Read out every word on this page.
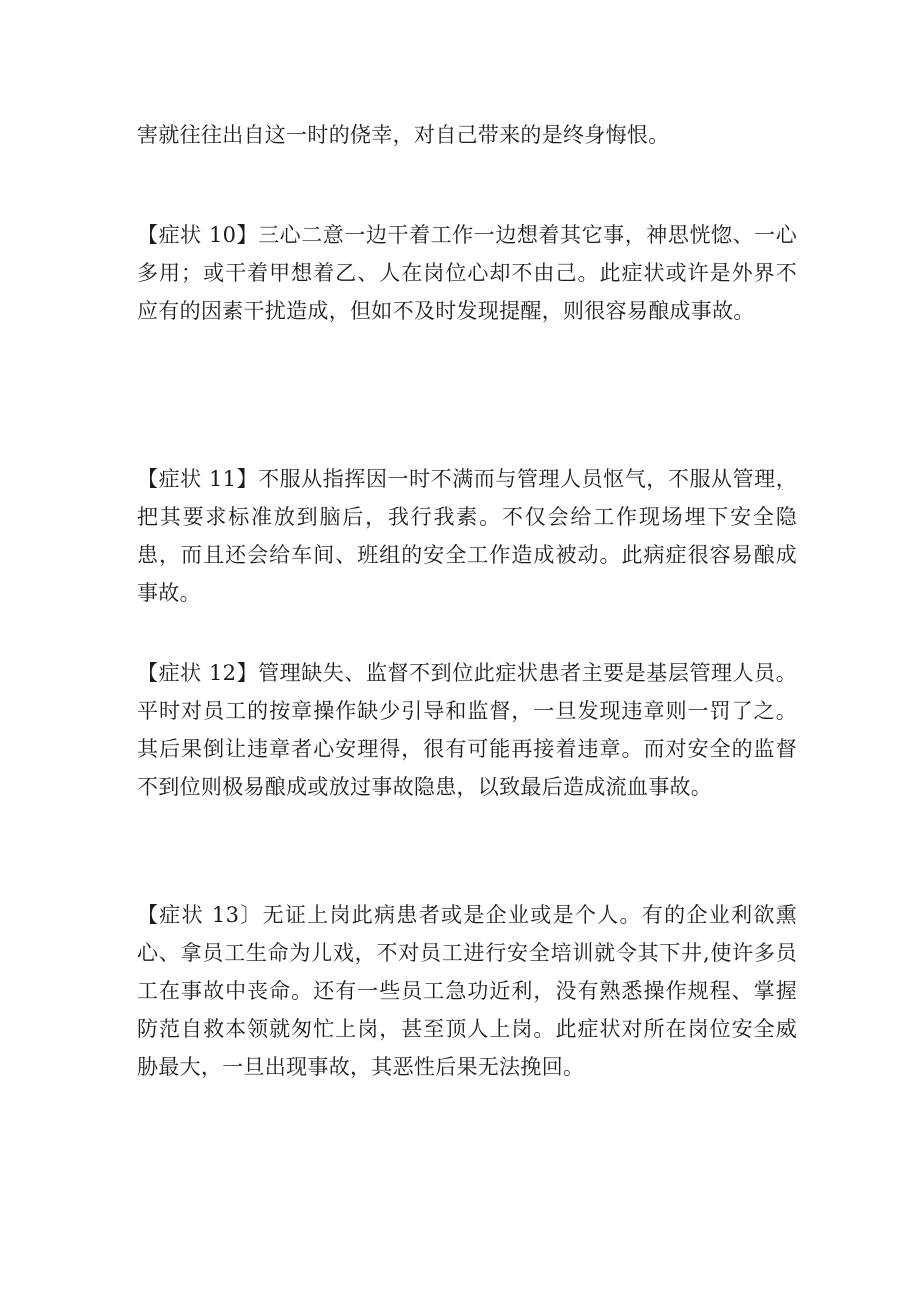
害就往往出自这一时的侥幸，对自己带来的是终身悔恨。

【症状 10】三心二意一边干着工作一边想着其它事，神思恍惚、一心多用；或干着甲想着乙、人在岗位心却不由己。此症状或许是外界不应有的因素干扰造成，但如不及时发现提醒，则很容易酿成事故。

【症状 11】不服从指挥因一时不满而与管理人员怄气，不服从管理，把其要求标准放到脑后，我行我素。不仅会给工作现场埋下安全隐患，而且还会给车间、班组的安全工作造成被动。此病症很容易酿成事故。

【症状 12】管理缺失、监督不到位此症状患者主要是基层管理人员。平时对员工的按章操作缺少引导和监督，一旦发现违章则一罚了之。其后果倒让违章者心安理得，很有可能再接着违章。而对安全的监督不到位则极易酿成或放过事故隐患，以致最后造成流血事故。

【症状 13〕无证上岗此病患者或是企业或是个人。有的企业利欲熏心、拿员工生命为儿戏，不对员工进行安全培训就令其下井,使许多员工在事故中丧命。还有一些员工急功近利，没有熟悉操作规程、掌握防范自救本领就匆忙上岗，甚至顶人上岗。此症状对所在岗位安全威胁最大，一旦出现事故，其恶性后果无法挽回。
